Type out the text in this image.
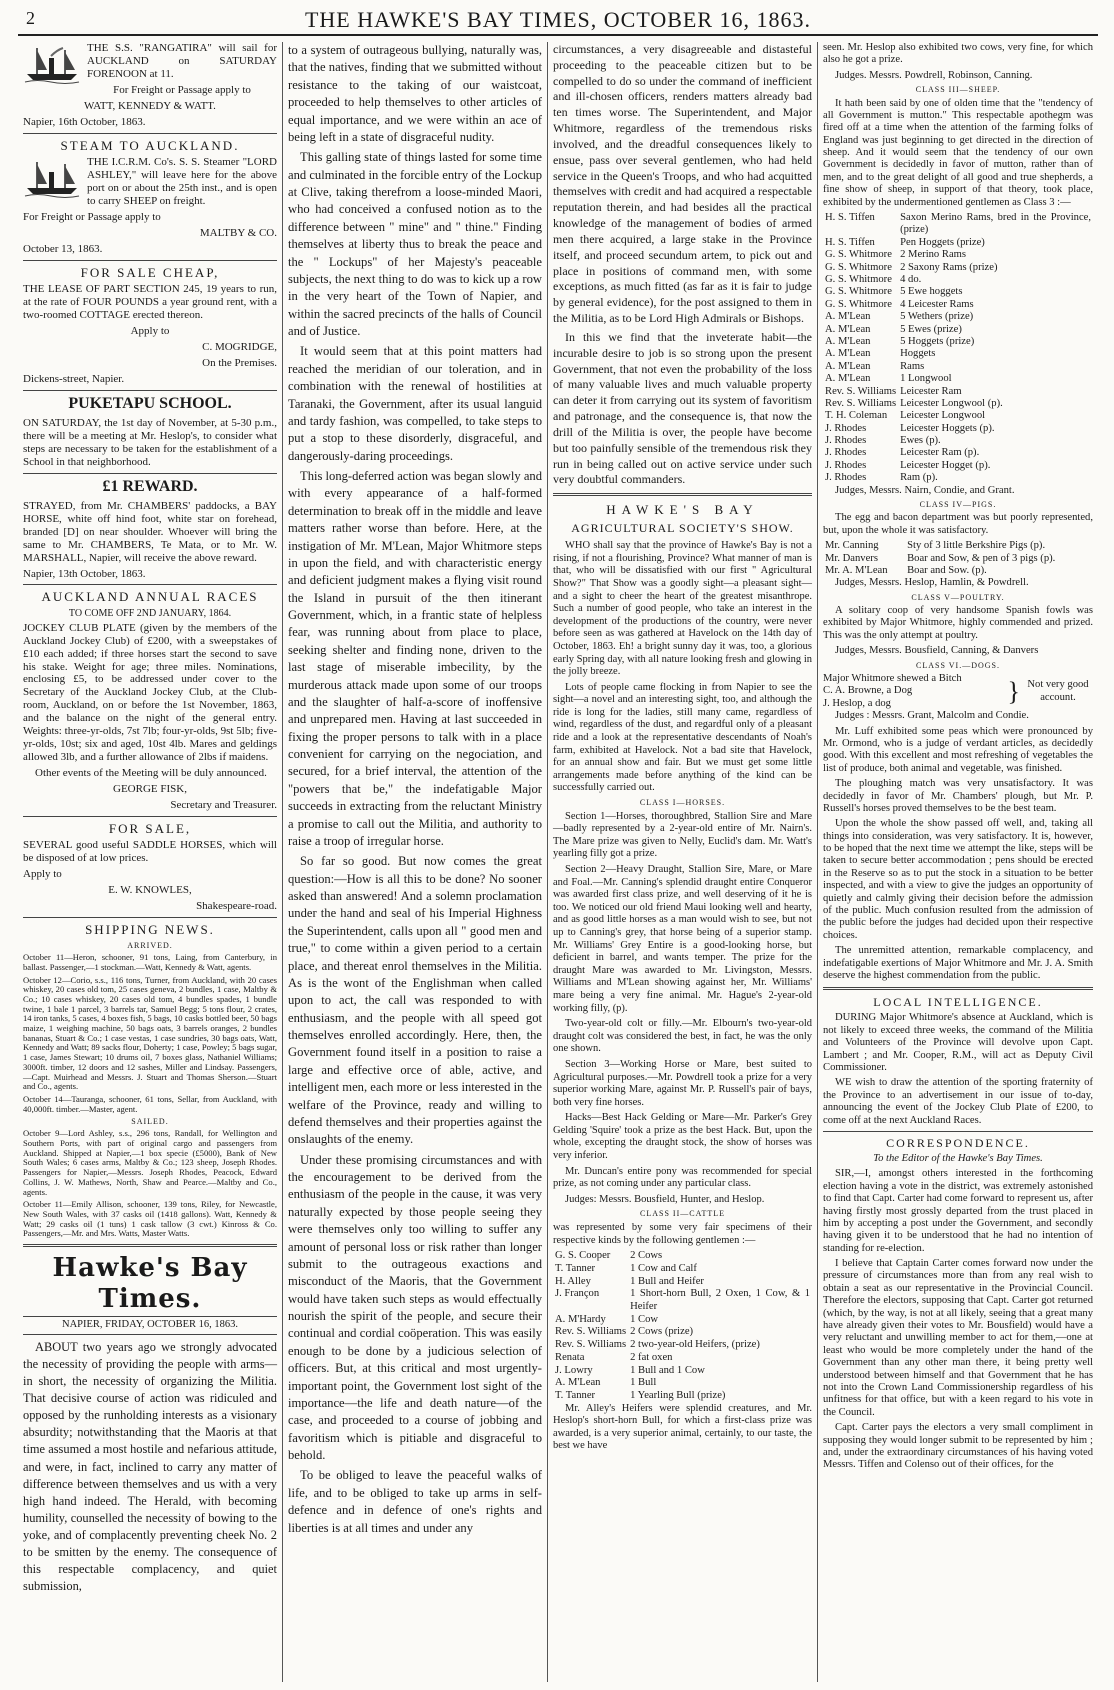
2	THE HAWKE'S BAY TIMES, OCTOBER 16, 1863.

THE S.S. "RANGATIRA" will sail for AUCKLAND on SATURDAY FORENOON at 11.

For Freight or Passage apply to

WATT, KENNEDY & WATT.

Napier, 16th October, 1863.

STEAM TO AUCKLAND.

THE I.C.R.M. Co's. S. S. Steamer "LORD ASHLEY," will leave here for the above port on or about the 25th inst., and is open to carry SHEEP on freight.

For Freight or Passage apply to

MALTBY & CO.

October 13, 1863.

FOR SALE CHEAP,

THE LEASE OF PART SECTION 245, 19 years to run, at the rate of FOUR POUNDS a year ground rent, with a two-roomed COTTAGE erected thereon.

Apply to

C. MOGRIDGE,

On the Premises.

Dickens-street, Napier.

PUKETAPU SCHOOL.

ON SATURDAY, the 1st day of November, at 5-30 p.m., there will be a meeting at Mr. Heslop's, to consider what steps are necessary to be taken for the establishment of a School in that neighborhood.

£1 REWARD.

STRAYED, from Mr. CHAMBERS' paddocks, a BAY HORSE, white off hind foot, white star on forehead, branded [D] on near shoulder. Whoever will bring the same to Mr. CHAMBERS, Te Mata, or to Mr. W. MARSHALL, Napier, will receive the above reward.

Napier, 13th October, 1863.

AUCKLAND ANNUAL RACES
TO COME OFF 2ND JANUARY, 1864.

JOCKEY CLUB PLATE (given by the members of the Auckland Jockey Club) of £200, with a sweepstakes of £10 each added; if three horses start the second to save his stake. Weight for age; three miles. Nominations, enclosing £5, to be addressed under cover to the Secretary of the Auckland Jockey Club, at the Club-room, Auckland, on or before the 1st November, 1863, and the balance on the night of the general entry. Weights: three-yr-olds, 7st 7lb; four-yr-olds, 9st 5lb; five-yr-olds, 10st; six and aged, 10st 4lb. Mares and geldings allowed 3lb, and a further allowance of 2lbs if maidens.

Other events of the Meeting will be duly announced.

GEORGE FISK,

Secretary and Treasurer.

FOR SALE,

SEVERAL good useful SADDLE HORSES, which will be disposed of at low prices.

Apply to

E. W. KNOWLES,

Shakespeare-road.

SHIPPING NEWS.
ARRIVED.

October 11—Heron, schooner, 91 tons, Laing, from Canterbury, in ballast. Passenger,—1 stockman.—Watt, Kennedy & Watt, agents.

October 12—Corio, s.s., 116 tons, Turner, from Auckland, with 20 cases whiskey, 20 cases old tom, 25 cases geneva, 2 bundles, 1 case, Maltby & Co.; 10 cases whiskey, 20 cases old tom, 4 bundles spades, 1 bundle twine, 1 bale 1 parcel, 3 barrels tar, Samuel Begg; 5 tons flour, 2 crates, 14 iron tanks, 5 cases, 4 boxes fish, 5 bags, 10 casks bottled beer, 50 bags maize, 1 weighing machine, 50 bags oats, 3 barrels oranges, 2 bundles bananas, Stuart & Co.; 1 case vestas, 1 case sundries, 30 bags oats, Watt, Kennedy and Watt; 89 sacks flour, Doherty; 1 case, Powley; 5 bags sugar, 1 case, James Stewart; 10 drums oil, 7 boxes glass, Nathaniel Williams; 3000ft. timber, 12 doors and 12 sashes, Miller and Lindsay. Passengers,—Capt. Muirhead and Messrs. J. Stuart and Thomas Sherson.—Stuart and Co., agents.

October 14—Tauranga, schooner, 61 tons, Sellar, from Auckland, with 40,000ft. timber.—Master, agent.

SAILED.

October 9—Lord Ashley, s.s., 296 tons, Randall, for Wellington and Southern Ports, with part of original cargo and passengers from Auckland. Shipped at Napier,—1 box specie (£5000), Bank of New South Wales; 6 cases arms, Maltby & Co.; 123 sheep, Joseph Rhodes. Passengers for Napier,—Messrs. Joseph Rhodes, Peacock, Edward Collins, J. W. Mathews, North, Shaw and Pearce.—Maltby and Co., agents.

October 11—Emily Allison, schooner, 139 tons, Riley, for Newcastle, New South Wales, with 37 casks oil (1418 gallons). Watt, Kennedy & Watt; 29 casks oil (1 tuns) 1 cask tallow (3 cwt.) Kinross & Co. Passengers,—Mr. and Mrs. Watts, Master Watts.

Hawke's Bay Times.
NAPIER, FRIDAY, OCTOBER 16, 1863.

ABOUT two years ago we strongly advocated the necessity of providing the people with arms—in short, the necessity of organizing the Militia. That decisive course of action was ridiculed and opposed by the runholding interests as a visionary absurdity; notwithstanding that the Maoris at that time assumed a most hostile and nefarious attitude, and were, in fact, inclined to carry any matter of difference between themselves and us with a very high hand indeed. The Herald, with becoming humility, counselled the necessity of bowing to the yoke, and of complacently preventing cheek No. 2 to be smitten by the enemy. The consequence of this respectable complacency, and quiet submission,

to a system of outrageous bullying, naturally was, that the natives, finding that we submitted without resistance to the taking of our waistcoat, proceeded to help themselves to other articles of equal importance, and we were within an ace of being left in a state of disgraceful nudity.

This galling state of things lasted for some time and culminated in the forcible entry of the Lockup at Clive, taking therefrom a loose-minded Maori, who had conceived a confused notion as to the difference between " mine" and " thine." Finding themselves at liberty thus to break the peace and the " Lockups" of her Majesty's peaceable subjects, the next thing to do was to kick up a row in the very heart of the Town of Napier, and within the sacred precincts of the halls of Council and of Justice.

It would seem that at this point matters had reached the meridian of our toleration, and in combination with the renewal of hostilities at Taranaki, the Government, after its usual languid and tardy fashion, was compelled, to take steps to put a stop to these disorderly, disgraceful, and dangerously-daring proceedings.

This long-deferred action was began slowly and with every appearance of a half-formed determination to break off in the middle and leave matters rather worse than before. Here, at the instigation of Mr. M'Lean, Major Whitmore steps in upon the field, and with characteristic energy and deficient judgment makes a flying visit round the Island in pursuit of the then itinerant Government, which, in a frantic state of helpless fear, was running about from place to place, seeking shelter and finding none, driven to the last stage of miserable imbecility, by the murderous attack made upon some of our troops and the slaughter of half-a-score of inoffensive and unprepared men. Having at last succeeded in fixing the proper persons to talk with in a place convenient for carrying on the negociation, and secured, for a brief interval, the attention of the "powers that be," the indefatigable Major succeeds in extracting from the reluctant Ministry a promise to call out the Militia, and authority to raise a troop of irregular horse.

So far so good. But now comes the great question:—How is all this to be done? No sooner asked than answered! And a solemn proclamation under the hand and seal of his Imperial Highness the Superintendent, calls upon all " good men and true," to come within a given period to a certain place, and thereat enrol themselves in the Militia. As is the wont of the Englishman when called upon to act, the call was responded to with enthusiasm, and the people with all speed got themselves enrolled accordingly. Here, then, the Government found itself in a position to raise a large and effective orce of able, active, and intelligent men, each more or less interested in the welfare of the Province, ready and willing to defend themselves and their properties against the onslaughts of the enemy.

Under these promising circumstances and with the encouragement to be derived from the enthusiasm of the people in the cause, it was very naturally expected by those people seeing they were themselves only too willing to suffer any amount of personal loss or risk rather than longer submit to the outrageous exactions and misconduct of the Maoris, that the Government would have taken such steps as would effectually nourish the spirit of the people, and secure their continual and cordial coöperation. This was easily enough to be done by a judicious selection of officers. But, at this critical and most urgently-important point, the Government lost sight of the importance—the life and death nature—of the case, and proceeded to a course of jobbing and favoritism which is pitiable and disgraceful to behold.

To be obliged to leave the peaceful walks of life, and to be obliged to take up arms in self-defence and in defence of one's rights and liberties is at all times and under any

circumstances, a very disagreeable and distasteful proceeding to the peaceable citizen but to be compelled to do so under the command of inefficient and ill-chosen officers, renders matters already bad ten times worse. The Superintendent, and Major Whitmore, regardless of the tremendous risks involved, and the dreadful consequences likely to ensue, pass over several gentlemen, who had held service in the Queen's Troops, and who had acquitted themselves with credit and had acquired a respectable reputation therein, and had besides all the practical knowledge of the management of bodies of armed men there acquired, a large stake in the Province itself, and proceed secundum artem, to pick out and place in positions of command men, with some exceptions, as much fitted (as far as it is fair to judge by general evidence), for the post assigned to them in the Militia, as to be Lord High Admirals or Bishops.

In this we find that the inveterate habit—the incurable desire to job is so strong upon the present Government, that not even the probability of the loss of many valuable lives and much valuable property can deter it from carrying out its system of favoritism and patronage, and the consequence is, that now the drill of the Militia is over, the people have become but too painfully sensible of the tremendous risk they run in being called out on active service under such very doubtful commanders.

HAWKE'S BAY
AGRICULTURAL SOCIETY'S SHOW.

WHO shall say that the province of Hawke's Bay is not a rising, if not a flourishing, Province? What manner of man is that, who will be dissatisfied with our first " Agricultural Show?" That Show was a goodly sight—a pleasant sight—and a sight to cheer the heart of the greatest misanthrope. Such a number of good people, who take an interest in the development of the productions of the country, were never before seen as was gathered at Havelock on the 14th day of October, 1863. Eh! a bright sunny day it was, too, a glorious early Spring day, with all nature looking fresh and glowing in the jolly breeze.

Lots of people came flocking in from Napier to see the sight—a novel and an interesting sight, too, and although the ride is long for the ladies, still many came, regardless of wind, regardless of the dust, and regardful only of a pleasant ride and a look at the representative descendants of Noah's farm, exhibited at Havelock. Not a bad site that Havelock, for an annual show and fair. But we must get some little arrangements made before anything of the kind can be successfully carried out.

CLASS I—HORSES.

Section 1—Horses, thoroughbred, Stallion Sire and Mare—badly represented by a 2-year-old entire of Mr. Nairn's. The Mare prize was given to Nelly, Euclid's dam. Mr. Watt's yearling filly got a prize.

Section 2—Heavy Draught, Stallion Sire, Mare, or Mare and Foal.—Mr. Canning's splendid draught entire Conqueror was awarded first class prize, and well deserving of it he is too. We noticed our old friend Maui looking well and hearty, and as good little horses as a man would wish to see, but not up to Canning's grey, that horse being of a superior stamp. Mr. Williams' Grey Entire is a good-looking horse, but deficient in barrel, and wants temper. The prize for the draught Mare was awarded to Mr. Livingston, Messrs. Williams and M'Lean showing against her, Mr. Williams' mare being a very fine animal. Mr. Hague's 2-year-old working filly, (p).

Two-year-old colt or filly.—Mr. Elbourn's two-year-old draught colt was considered the best, in fact, he was the only one shown.

Section 3—Working Horse or Mare, best suited to Agricultural purposes.—Mr. Powdrell took a prize for a very superior working Mare, against Mr. P. Russell's pair of bays, both very fine horses.

Hacks—Best Hack Gelding or Mare—Mr. Parker's Grey Gelding 'Squire' took a prize as the best Hack. But, upon the whole, excepting the draught stock, the show of horses was very inferior.

Mr. Duncan's entire pony was recommended for special prize, as not coming under any particular class.

Judges: Messrs. Bousfield, Hunter, and Heslop.

CLASS II—CATTLE

was represented by some very fair specimens of their respective kinds by the following gentlemen :—

G. S. Cooper	2 Cows
T. Tanner	1 Cow and Calf
H. Alley	1 Bull and Heifer
J. Françon	1 Short-horn Bull, 2 Oxen, 1 Cow, & 1 Heifer
A. M'Hardy	1 Cow
Rev. S. Williams	2 Cows (prize)
Rev. S. Williams	2 two-year-old Heifers, (prize)
Renata	2 fat oxen
J. Lowry	1 Bull and 1 Cow
A. M'Lean	1 Bull
T. Tanner	1 Yearling Bull (prize)

Mr. Alley's Heifers were splendid creatures, and Mr. Heslop's short-horn Bull, for which a first-class prize was awarded, is a very superior animal, certainly, to our taste, the best we have

seen. Mr. Heslop also exhibited two cows, very fine, for which also he got a prize.

Judges. Messrs. Powdrell, Robinson, Canning.

CLASS III—SHEEP.

It hath been said by one of olden time that the "tendency of all Government is mutton." This respectable apothegm was fired off at a time when the attention of the farming folks of England was just beginning to get directed in the direction of sheep. And it would seem that the tendency of our own Government is decidedly in favor of mutton, rather than of men, and to the great delight of all good and true shepherds, a fine show of sheep, in support of that theory, took place, exhibited by the undermentioned gentlemen as Class 3 :—

H. S. Tiffen	Saxon Merino Rams, bred in the Province, (prize)
H. S. Tiffen	Pen Hoggets (prize)
G. S. Whitmore	2 Merino Rams
G. S. Whitmore	2 Saxony Rams (prize)
G. S. Whitmore	4 do.
G. S. Whitmore	5 Ewe hoggets
G. S. Whitmore	4 Leicester Rams
A. M'Lean	5 Wethers (prize)
A. M'Lean	5 Ewes (prize)
A. M'Lean	5 Hoggets (prize)
A. M'Lean	Hoggets
A. M'Lean	Rams
A. M'Lean	1 Longwool
Rev. S. Williams	Leicester Ram
Rev. S. Williams	Leicester Longwool (p).
T. H. Coleman	Leicester Longwool
J. Rhodes	Leicester Hoggets (p).
J. Rhodes	Ewes (p).
J. Rhodes	Leicester Ram (p).
J. Rhodes	Leicester Hogget (p).
J. Rhodes	Ram (p).

Judges, Messrs. Nairn, Condie, and Grant.

CLASS IV—PIGS.

The egg and bacon department was but poorly represented, but, upon the whole it was satisfactory.

Mr. Canning	Sty of 3 little Berkshire Pigs (p).
Mr. Danvers	Boar and Sow, & pen of 3 pigs (p).
Mr. A. M'Lean	Boar and Sow. (p).

Judges, Messrs. Heslop, Hamlin, & Powdrell.

CLASS V—POULTRY.

A solitary coop of very handsome Spanish fowls was exhibited by Major Whitmore, highly commended and prized. This was the only attempt at poultry.

Judges, Messrs. Bousfield, Canning, & Danvers

CLASS VI.—DOGS.
Major Whitmore shewed a Bitch
C. A. Browne, a Dog
J. Heslop, a dog	} Not very good account.

Judges : Messrs. Grant, Malcolm and Condie.

Mr. Luff exhibited some peas which were pronounced by Mr. Ormond, who is a judge of verdant articles, as decidedly good. With this excellent and most refreshing of vegetables the list of produce, both animal and vegetable, was finished.

The ploughing match was very unsatisfactory. It was decidedly in favor of Mr. Chambers' plough, but Mr. P. Russell's horses proved themselves to be the best team.

Upon the whole the show passed off well, and, taking all things into consideration, was very satisfactory. It is, however, to be hoped that the next time we attempt the like, steps will be taken to secure better accommodation ; pens should be erected in the Reserve so as to put the stock in a situation to be better inspected, and with a view to give the judges an opportunity of quietly and calmly giving their decision before the admission of the public. Much confusion resulted from the admission of the public before the judges had decided upon their respective choices.

The unremitted attention, remarkable complacency, and indefatigable exertions of Major Whitmore and Mr. J. A. Smith deserve the highest commendation from the public.

LOCAL INTELLIGENCE.

DURING Major Whitmore's absence at Auckland, which is not likely to exceed three weeks, the command of the Militia and Volunteers of the Province will devolve upon Capt. Lambert ; and Mr. Cooper, R.M., will act as Deputy Civil Commissioner.

WE wish to draw the attention of the sporting fraternity of the Province to an advertisement in our issue of to-day, announcing the event of the Jockey Club Plate of £200, to come off at the next Auckland Races.

CORRESPONDENCE.

To the Editor of the Hawke's Bay Times.

SIR,—I, amongst others interested in the forthcoming election having a vote in the district, was extremely astonished to find that Capt. Carter had come forward to represent us, after having firstly most grossly departed from the trust placed in him by accepting a post under the Government, and secondly having given it to be understood that he had no intention of standing for re-election.

I believe that Captain Carter comes forward now under the pressure of circumstances more than from any real wish to obtain a seat as our representative in the Provincial Council. Therefore the electors, supposing that Capt. Carter got returned (which, by the way, is not at all likely, seeing that a great many have already given their votes to Mr. Bousfield) would have a very reluctant and unwilling member to act for them,—one at least who would be more completely under the hand of the Government than any other man there, it being pretty well understood between himself and that Government that he has not into the Crown Land Commissionership regardless of his unfitness for that office, but with a keen regard to his vote in the Council.

Capt. Carter pays the electors a very small compliment in supposing they would longer submit to be represented by him ; and, under the extraordinary circumstances of his having voted Messrs. Tiffen and Colenso out of their offices, for the
